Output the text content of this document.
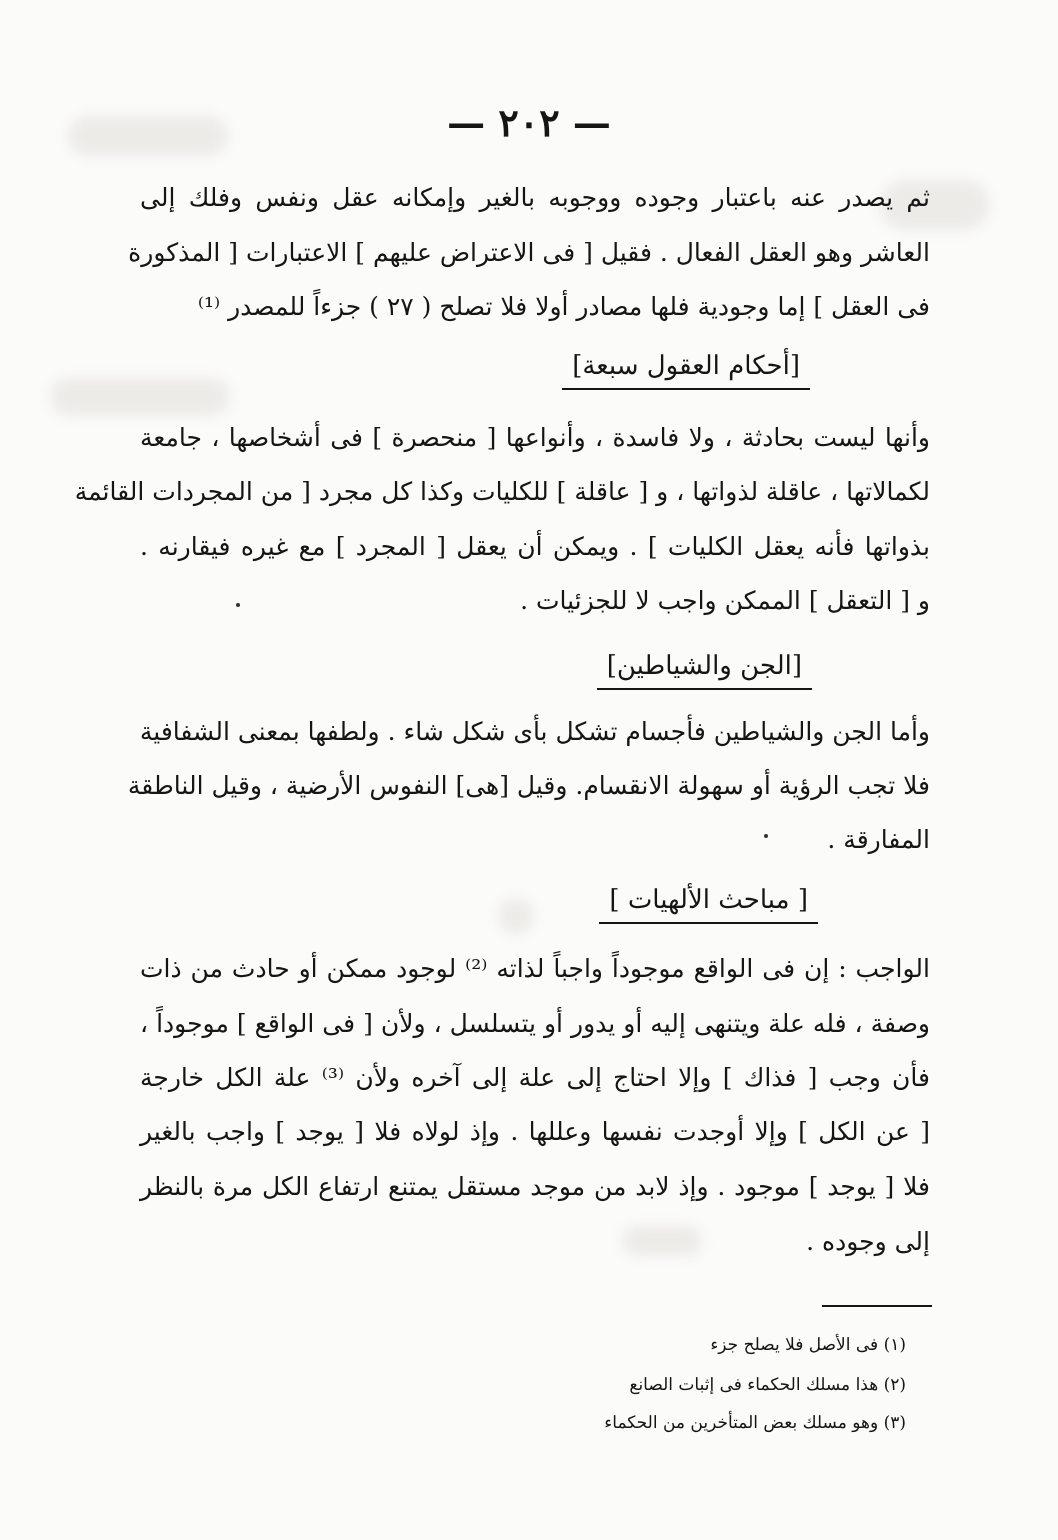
— ٢٠٢ —
ثم يصدر عنه باعتبار وجوده ووجوبه بالغير وإمكانه عقل ونفس وفلك إلى
العاشر وهو العقل الفعال . فقيل [ فى الاعتراض عليهم ] الاعتبارات [ المذكورة
فى العقل ] إما وجودية فلها مصادر أولا فلا تصلح ( ٢٧ ) جزءاً للمصدر ⁽¹⁾
[أحكام العقول سبعة]
وأنها ليست بحادثة ، ولا فاسدة ، وأنواعها [ منحصرة ] فى أشخاصها ، جامعة
لكمالاتها ، عاقلة لذواتها ، و [ عاقلة ] للكليات وكذا كل مجرد [ من المجردات القائمة
بذواتها فأنه يعقل الكليات ] . ويمكن أن يعقل [ المجرد ] مع غيره فيقارنه .
و [ التعقل ] الممكن واجب لا للجزئيات .
[الجن والشياطين]
وأما الجن والشياطين فأجسام تشكل بأى شكل شاء . ولطفها بمعنى الشفافية
فلا تجب الرؤية أو سهولة الانقسام. وقيل [هى] النفوس الأرضية ، وقيل الناطقة
المفارقة .
[ مباحث الألهيات ]
الواجب : إن فى الواقع موجوداً واجباً لذاته ⁽²⁾ لوجود ممكن أو حادث من ذات
وصفة ، فله علة ويتنهى إليه أو يدور أو يتسلسل ، ولأن [ فى الواقع ] موجوداً ،
فأن وجب [ فذاك ] وإلا احتاج إلى علة إلى آخره ولأن ⁽³⁾ علة الكل خارجة
[ عن الكل ] وإلا أوجدت نفسها وعللها . وإذ لولاه فلا [ يوجد ] واجب بالغير
فلا [ يوجد ] موجود . وإذ لابد من موجد مستقل يمتنع ارتفاع الكل مرة بالنظر
إلى وجوده .
(١) فى الأصل فلا يصلح جزء
(٢) هذا مسلك الحكماء فى إثبات الصانع
(٣) وهو مسلك بعض المتأخرين من الحكماء
